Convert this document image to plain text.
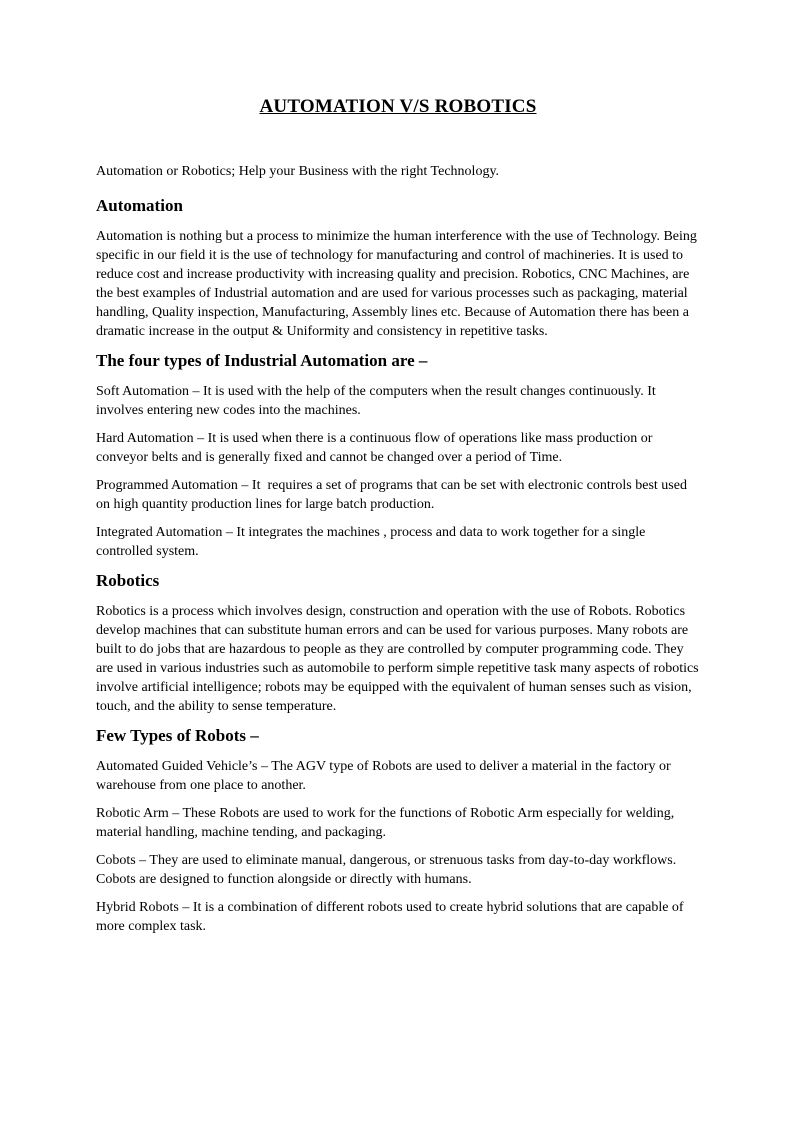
AUTOMATION V/S ROBOTICS

Automation or Robotics; Help your Business with the right Technology.

Automation

Automation is nothing but a process to minimize the human interference with the use of Technology. Being specific in our field it is the use of technology for manufacturing and control of machineries. It is used to reduce cost and increase productivity with increasing quality and precision. Robotics, CNC Machines, are the best examples of Industrial automation and are used for various processes such as packaging, material handling, Quality inspection, Manufacturing, Assembly lines etc. Because of Automation there has been a dramatic increase in the output & Uniformity and consistency in repetitive tasks.

The four types of Industrial Automation are –

Soft Automation – It is used with the help of the computers when the result changes continuously. It involves entering new codes into the machines.

Hard Automation – It is used when there is a continuous flow of operations like mass production or conveyor belts and is generally fixed and cannot be changed over a period of Time.

Programmed Automation – It  requires a set of programs that can be set with electronic controls best used on high quantity production lines for large batch production.

Integrated Automation – It integrates the machines , process and data to work together for a single controlled system.

Robotics

Robotics is a process which involves design, construction and operation with the use of Robots. Robotics develop machines that can substitute human errors and can be used for various purposes. Many robots are built to do jobs that are hazardous to people as they are controlled by computer programming code. They are used in various industries such as automobile to perform simple repetitive task many aspects of robotics involve artificial intelligence; robots may be equipped with the equivalent of human senses such as vision, touch, and the ability to sense temperature.

Few Types of Robots –

Automated Guided Vehicle’s – The AGV type of Robots are used to deliver a material in the factory or warehouse from one place to another.

Robotic Arm – These Robots are used to work for the functions of Robotic Arm especially for welding, material handling, machine tending, and packaging.

Cobots – They are used to eliminate manual, dangerous, or strenuous tasks from day-to-day workflows. Cobots are designed to function alongside or directly with humans.

Hybrid Robots – It is a combination of different robots used to create hybrid solutions that are capable of more complex task.
